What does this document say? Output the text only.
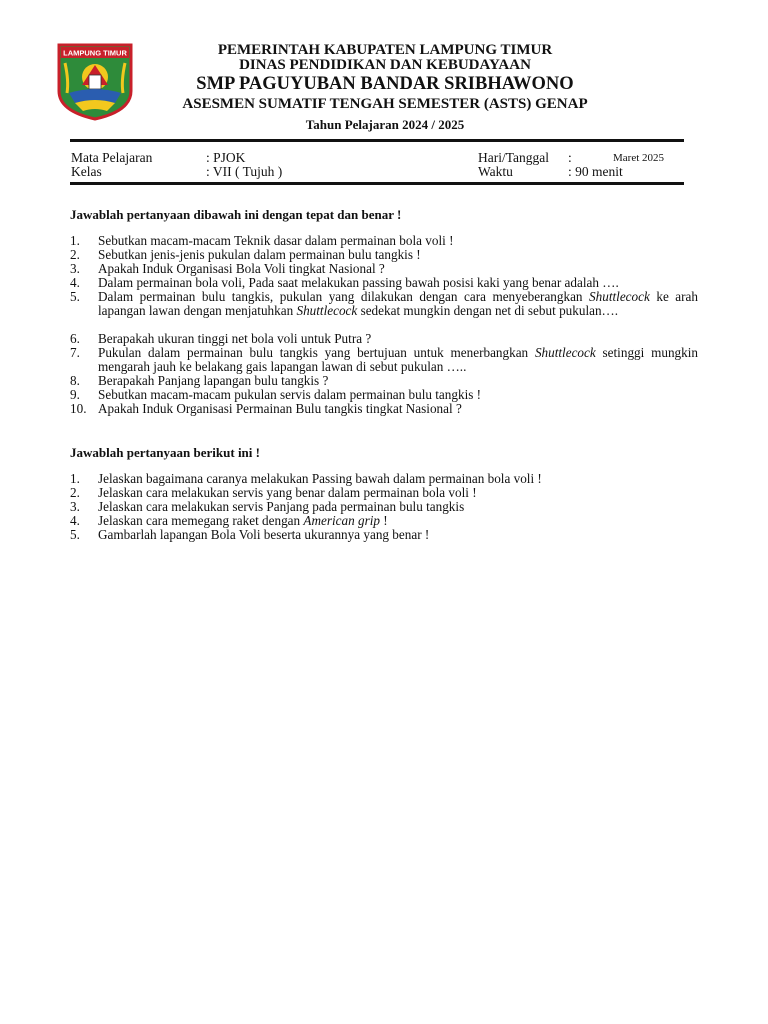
LAMPUNG TIMUR	PEMERINTAH KABUPATEN LAMPUNG TIMUR
DINAS PENDIDIKAN DAN KEBUDAYAAN
SMP PAGUYUBAN BANDAR SRIBHAWONO
ASESMEN SUMATIF TENGAH SEMESTER (ASTS) GENAP
Tahun Pelajaran 2024 / 2025
Mata Pelajaran	: PJOK	Hari/Tanggal :	Maret 2025
Kelas	: VII ( Tujuh )	Waktu	: 90 menit
Jawablah pertanyaan dibawah ini dengan tepat dan benar !
1. Sebutkan macam-macam Teknik dasar dalam permainan bola voli !
2. Sebutkan jenis-jenis pukulan dalam permainan bulu tangkis !
3. Apakah Induk Organisasi Bola Voli tingkat Nasional ?
4. Dalam permainan bola voli, Pada saat melakukan passing bawah posisi kaki yang benar adalah ….
5. Dalam permainan bulu tangkis, pukulan yang dilakukan dengan cara menyeberangkan Shuttlecock ke arah lapangan lawan dengan menjatuhkan Shuttlecock sedekat mungkin dengan net di sebut pukulan….
6. Berapakah ukuran tinggi net bola voli untuk Putra ?
7. Pukulan dalam permainan bulu tangkis yang bertujuan untuk menerbangkan Shuttlecock setinggi mungkin mengarah jauh ke belakang gais lapangan lawan di sebut pukulan …..
8. Berapakah Panjang lapangan bulu tangkis ?
9. Sebutkan macam-macam pukulan servis dalam permainan bulu tangkis !
10. Apakah Induk Organisasi Permainan Bulu tangkis tingkat Nasional ?
Jawablah pertanyaan berikut ini !
1. Jelaskan bagaimana caranya melakukan Passing bawah dalam permainan bola voli !
2. Jelaskan cara melakukan servis yang benar dalam permainan bola voli !
3. Jelaskan cara melakukan servis Panjang pada permainan bulu tangkis
4. Jelaskan cara memegang raket dengan American grip !
5. Gambarlah lapangan Bola Voli beserta ukurannya yang benar !
